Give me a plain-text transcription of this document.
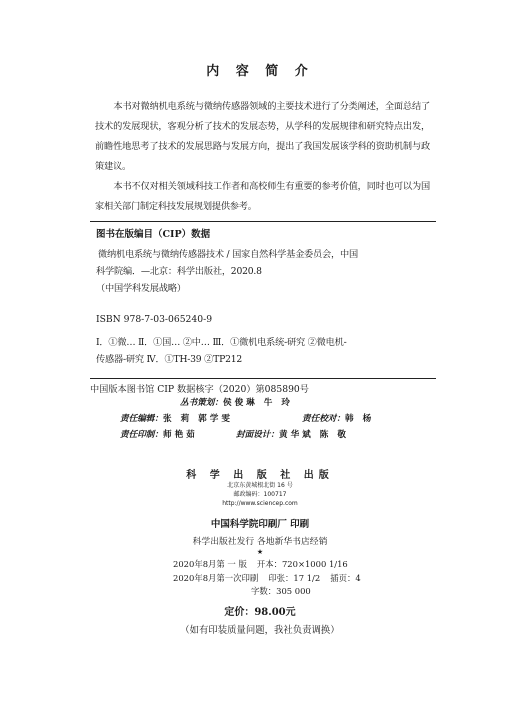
内 容 简 介

本书对微纳机电系统与微纳传感器领域的主要技术进行了分类阐述，全面总结了技术的发展现状，客观分析了技术的发展态势，从学科的发展规律和研究特点出发，前瞻性地思考了技术的发展思路与发展方向，提出了我国发展该学科的资助机制与政策建议。

本书不仅对相关领域科技工作者和高校师生有重要的参考价值，同时也可以为国家相关部门制定科技发展规划提供参考。

图书在版编目（CIP）数据
微纳机电系统与微纳传感器技术 / 国家自然科学基金委员会，中国
科学院编．—北京：科学出版社，2020.8
（中国学科发展战略）
ISBN 978-7-03-065240-9
Ⅰ．①微… Ⅱ．①国… ②中… Ⅲ．①微机电系统-研究 ②微电机-
传感器-研究 Ⅳ．①TH-39 ②TP212
中国版本图书馆 CIP 数据核字（2020）第085890号
丛书策划：侯俊琳 牛 玲
责任编辑：张 莉 郭学雯	责任校对：韩 杨
责任印制：师艳茹	封面设计：黄华斌 陈 敬
科 学 出 版 社 出版
北京东黄城根北街 16 号
邮政编码：100717
http://www.sciencep.com
中国科学院印刷厂 印刷
科学出版社发行 各地新华书店经销
★
2020年8月第 一 版 开本：720×1000 1/16
2020年8月第一次印刷 印张：17 1/2 插页：4
字数：305 000
定价：98.00元
（如有印装质量问题，我社负责调换）
